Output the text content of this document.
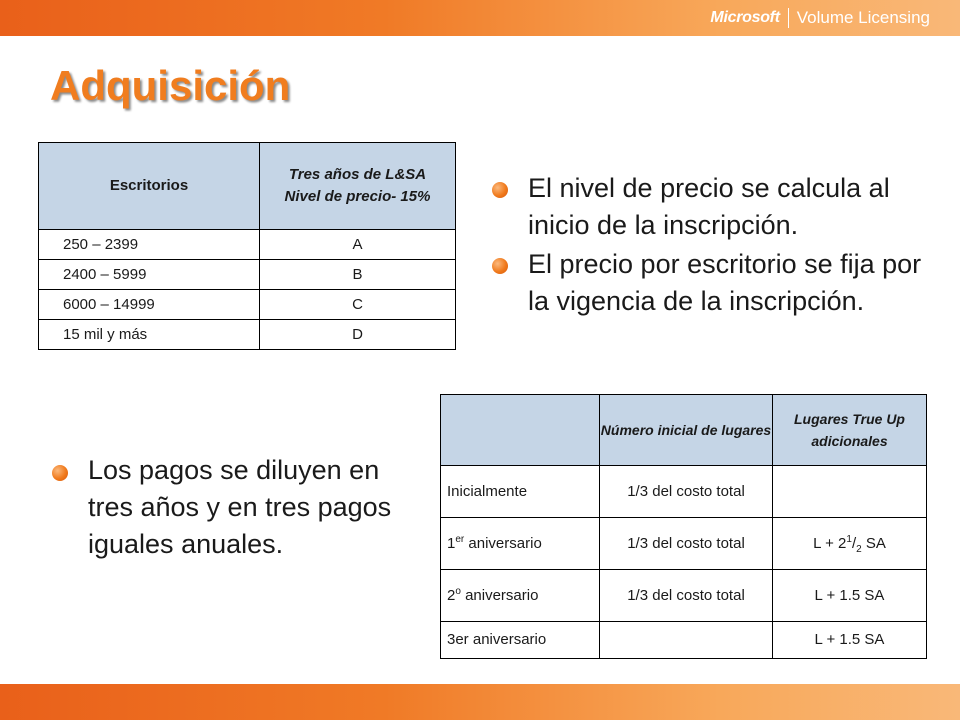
Microsoft Volume Licensing
Adquisición
Escritorios	Tres años de L&SA Nivel de precio- 15%
250 – 2399	A
2400 – 5999	B
6000 – 14999	C
15 mil y más	D
El nivel de precio se calcula al inicio de la inscripción.
El precio por escritorio se fija por la vigencia de la inscripción.
Los pagos se diluyen en tres años y en tres pagos iguales anuales.
	Número inicial de lugares	Lugares True Up adicionales
Inicialmente	1/3 del costo total	
1er aniversario	1/3 del costo total	$L + 2^1/_2$ SA
2$^o$ aniversario	1/3 del costo total	L + 1.5 SA
3er aniversario		L + 1.5 SA
